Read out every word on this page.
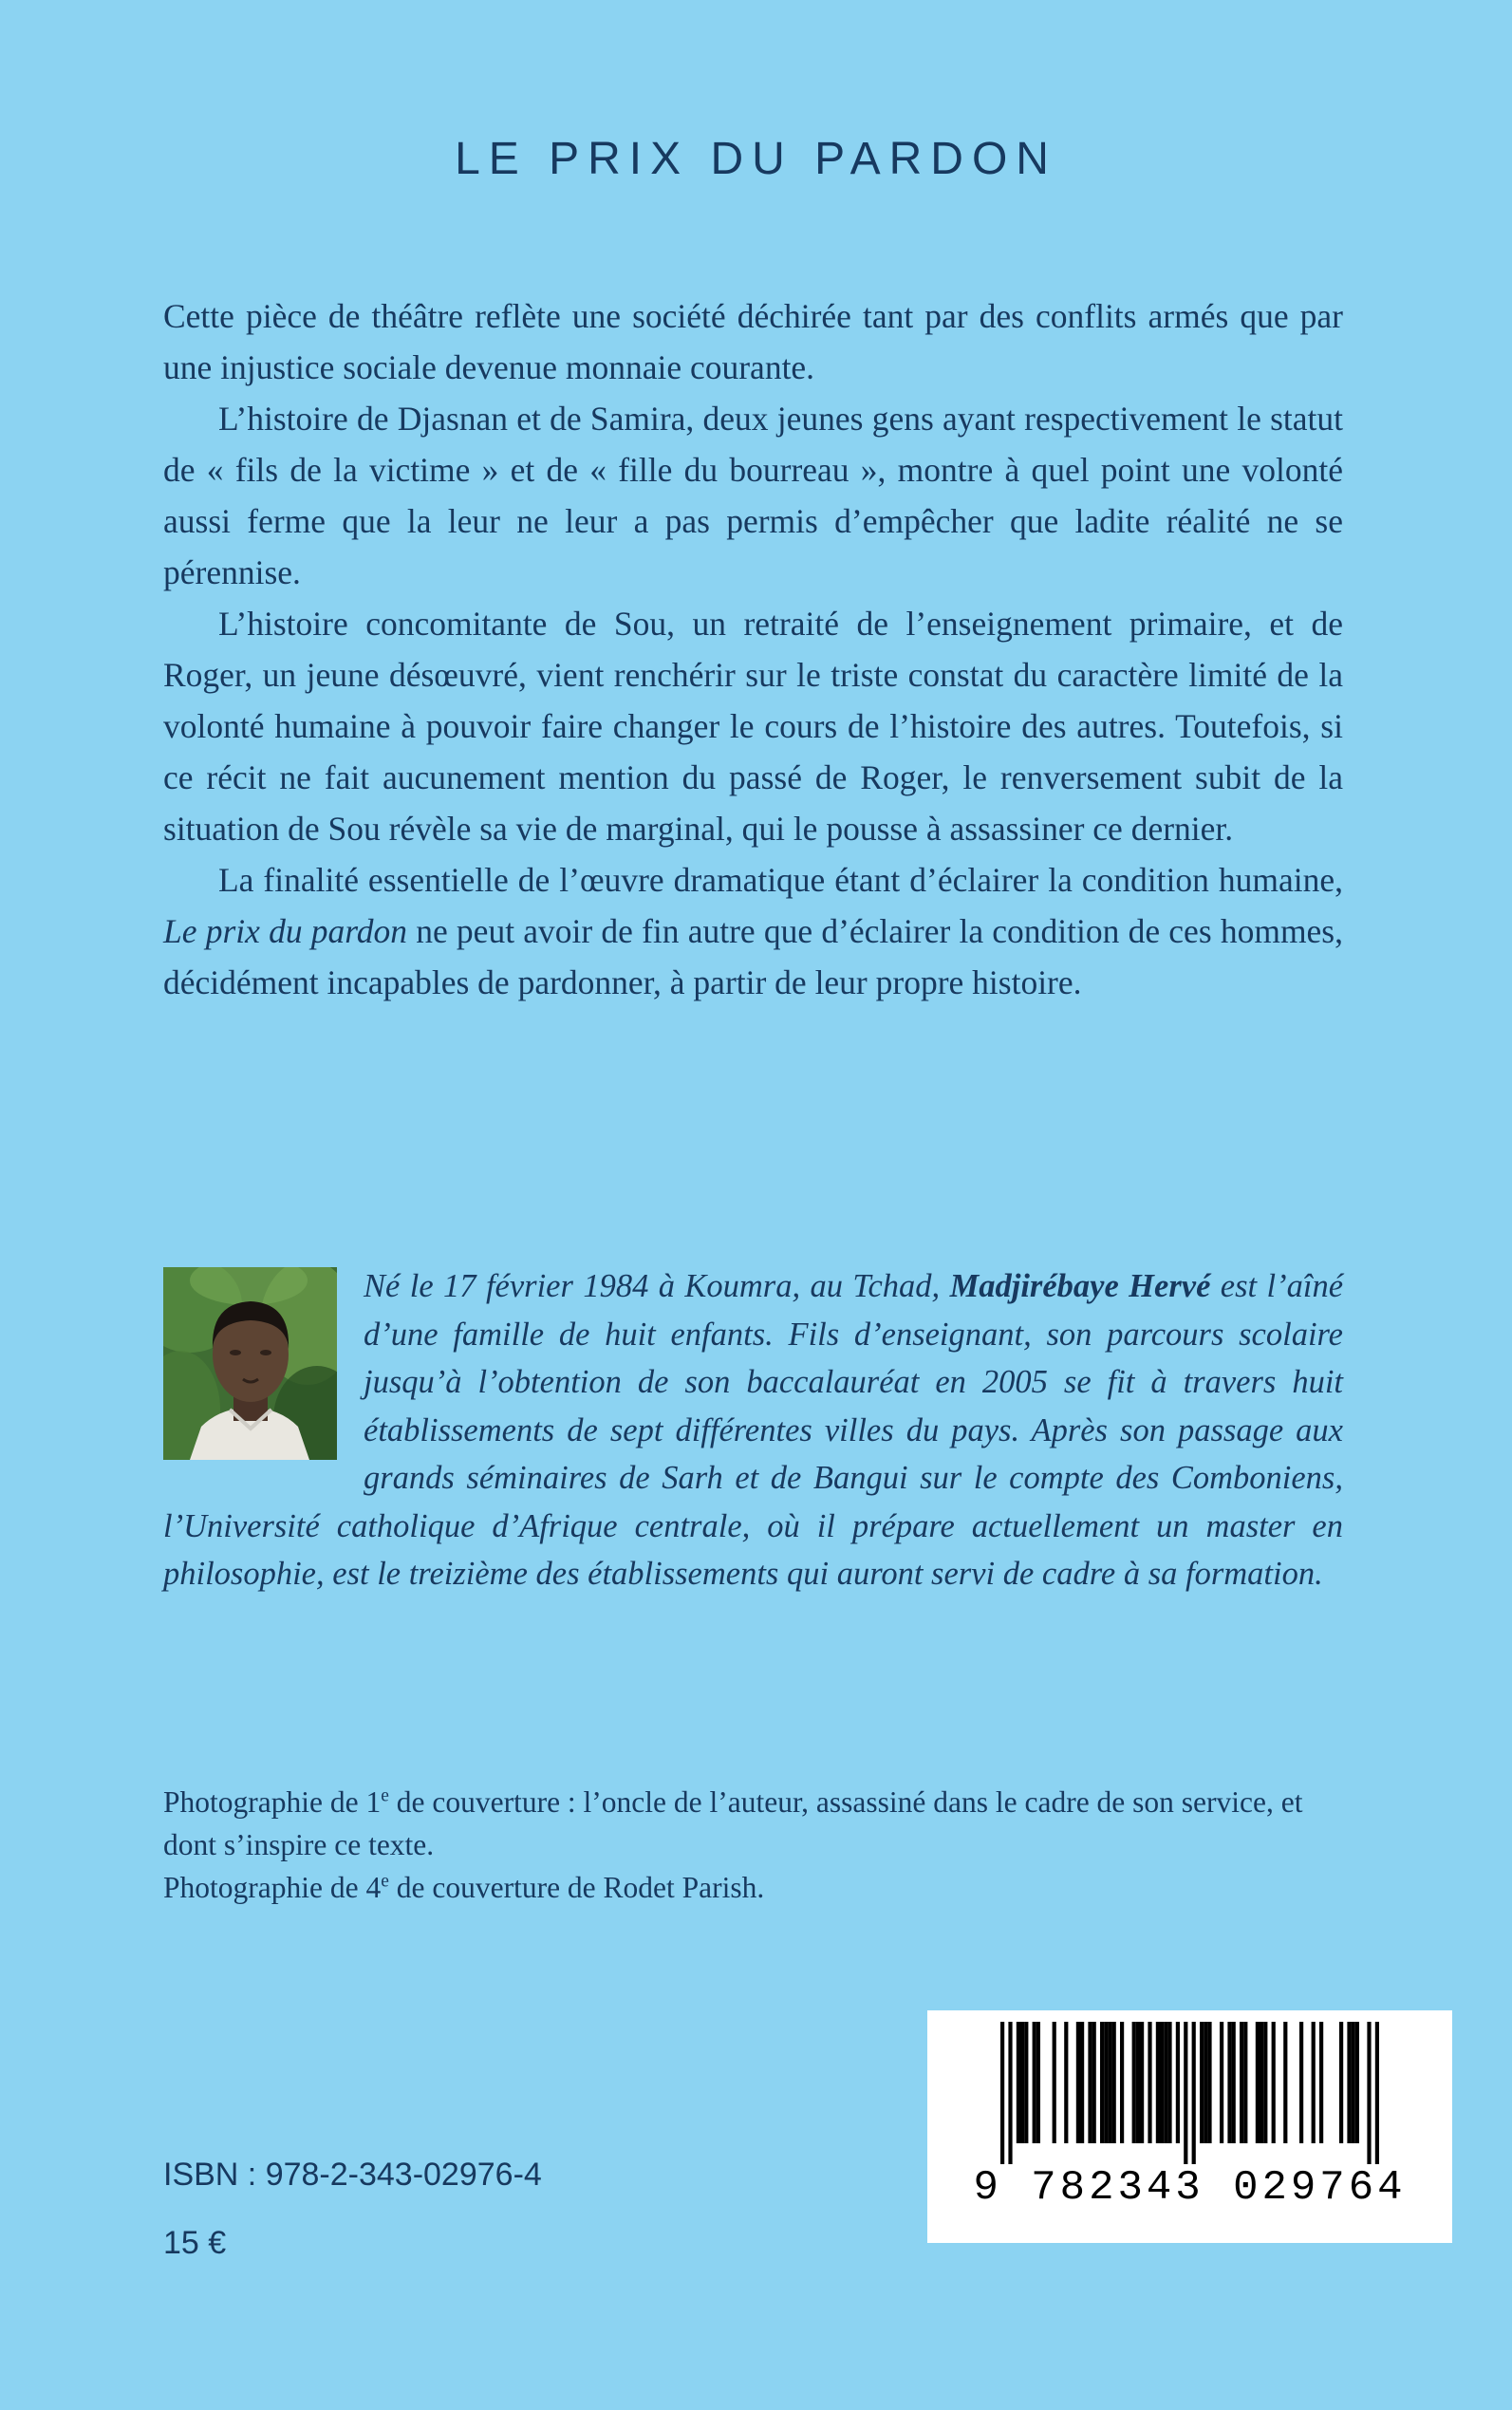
LE PRIX DU PARDON

Cette pièce de théâtre reflète une société déchirée tant par des conflits armés que par une injustice sociale devenue monnaie courante.

L’histoire de Djasnan et de Samira, deux jeunes gens ayant respectivement le statut de « fils de la victime » et de « fille du bourreau », montre à quel point une volonté aussi ferme que la leur ne leur a pas permis d’empêcher que ladite réalité ne se pérennise.

L’histoire concomitante de Sou, un retraité de l’enseignement primaire, et de Roger, un jeune désœuvré, vient renchérir sur le triste constat du caractère limité de la volonté humaine à pouvoir faire changer le cours de l’histoire des autres. Toutefois, si ce récit ne fait aucunement mention du passé de Roger, le renversement subit de la situation de Sou révèle sa vie de marginal, qui le pousse à assassiner ce dernier.

La finalité essentielle de l’œuvre dramatique étant d’éclairer la condition humaine, Le prix du pardon ne peut avoir de fin autre que d’éclairer la condition de ces hommes, décidément incapables de pardonner, à partir de leur propre histoire.

Né le 17 février 1984 à Koumra, au Tchad, Madjirébaye Hervé est l’aîné d’une famille de huit enfants. Fils d’enseignant, son parcours scolaire jusqu’à l’obtention de son baccalauréat en 2005 se fit à travers huit établissements de sept différentes villes du pays. Après son passage aux grands séminaires de Sarh et de Bangui sur le compte des Comboniens, l’Université catholique d’Afrique centrale, où il prépare actuellement un master en philosophie, est le treizième des établissements qui auront servi de cadre à sa formation.

Photographie de 1e de couverture : l’oncle de l’auteur, assassiné dans le cadre de son service, et dont s’inspire ce texte.

Photographie de 4e de couverture de Rodet Parish.

ISBN : 978-2-343-02976-4
15 €
9 782343 029764
